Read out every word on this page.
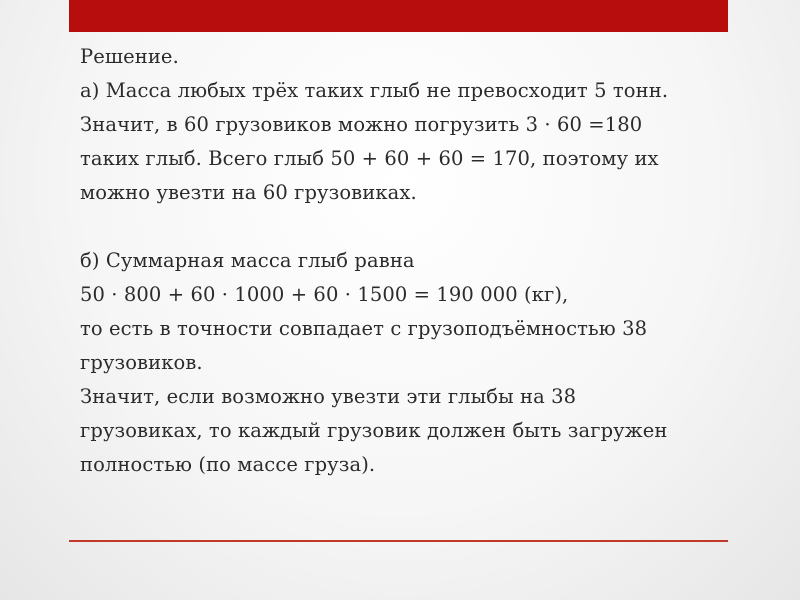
Решение.
а) Масса любых трёх таких глыб не превосходит 5 тонн.
Значит, в 60 грузовиков можно погрузить 3 · 60 =180
таких глыб. Всего глыб 50 + 60 + 60 = 170, поэтому их
можно увезти на 60 грузовиках.
б) Суммарная масса глыб равна
50 · 800 + 60 · 1000 + 60 · 1500 = 190 000 (кг),
то есть в точности совпадает с грузоподъёмностью 38
грузовиков.
Значит, если возможно увезти эти глыбы на 38
грузовиках, то каждый грузовик должен быть загружен
полностью (по массе груза).
